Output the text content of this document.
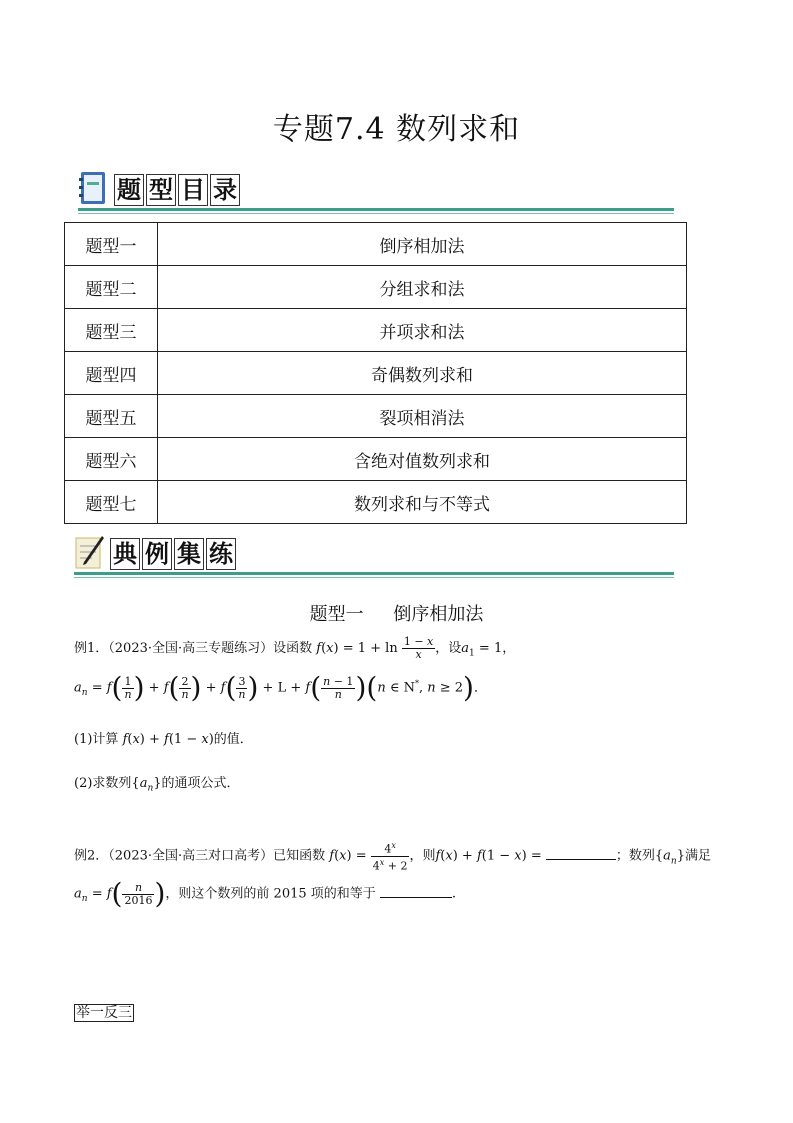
专题7.4 数列求和
题 型 目 录
题型一	倒序相加法
题型二	分组求和法
题型三	并项求和法
题型四	奇偶数列求和
题型五	裂项相消法
题型六	含绝对值数列求和
题型七	数列求和与不等式
典 例 集 练
题型一 倒序相加法
例1．（2023·全国·高三专题练习）设函数 $f(x) = 1 + \ln \frac{1 - x}{x}$ ，设$a_1 = 1$，
$a_n = f( \frac{1}{n}$ ) + $f( \frac{2}{n}$ ) + $f( \frac{3}{n}$ ) + $L + f( \frac{n - 1}{n} )(n$ ∈ N*, n ≥ 2)．
(1)计算 f(x) + f(1 − x)的值．
(2)求数列$\{a_n\}$的通项公式．
例2．（2023·全国·高三对口高考）已知函数 $f(x) = \frac{4^x}{4^x + 2}$ ，则f(x) + f(1 − x) =	；数列$\{a_n\}$满足
$a_n = f( \frac{n}{2016}$ )，则这个数列的前 2015 项的和等于	.
举一反三
